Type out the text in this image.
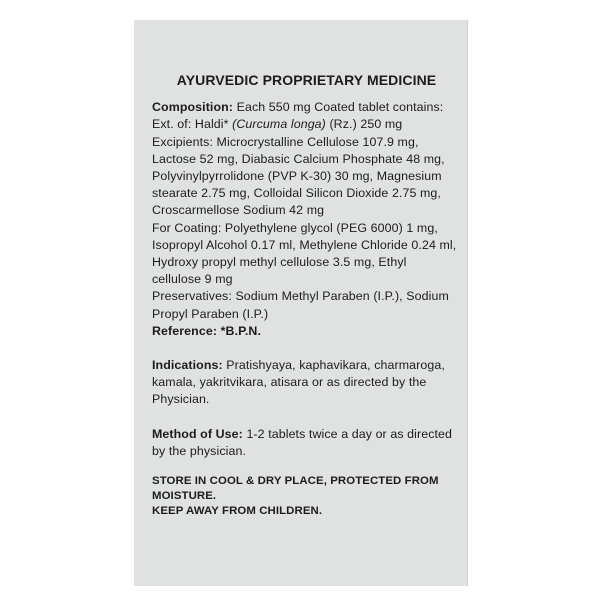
AYURVEDIC PROPRIETARY MEDICINE

Composition: Each 550 mg Coated tablet contains:

Ext. of: Haldi* (Curcuma longa) (Rz.) 250 mg

Excipients: Microcrystalline Cellulose 107.9 mg, Lactose 52 mg, Diabasic Calcium Phosphate 48 mg, Polyvinylpyrrolidone (PVP K-30) 30 mg, Magnesium stearate 2.75 mg, Colloidal Silicon Dioxide 2.75 mg, Croscarmellose Sodium 42 mg

For Coating: Polyethylene glycol (PEG 6000) 1 mg, Isopropyl Alcohol 0.17 ml, Methylene Chloride 0.24 ml, Hydroxy propyl methyl cellulose 3.5 mg, Ethyl cellulose 9 mg

Preservatives: Sodium Methyl Paraben (I.P.), Sodium Propyl Paraben (I.P.)

Reference: *B.P.N.

Indications: Pratishyaya, kaphavikara, charmaroga, kamala, yakritvikara, atisara or as directed by the Physician.

Method of Use: 1-2 tablets twice a day or as directed by the physician.

STORE IN COOL & DRY PLACE, PROTECTED FROM MOISTURE.

KEEP AWAY FROM CHILDREN.
